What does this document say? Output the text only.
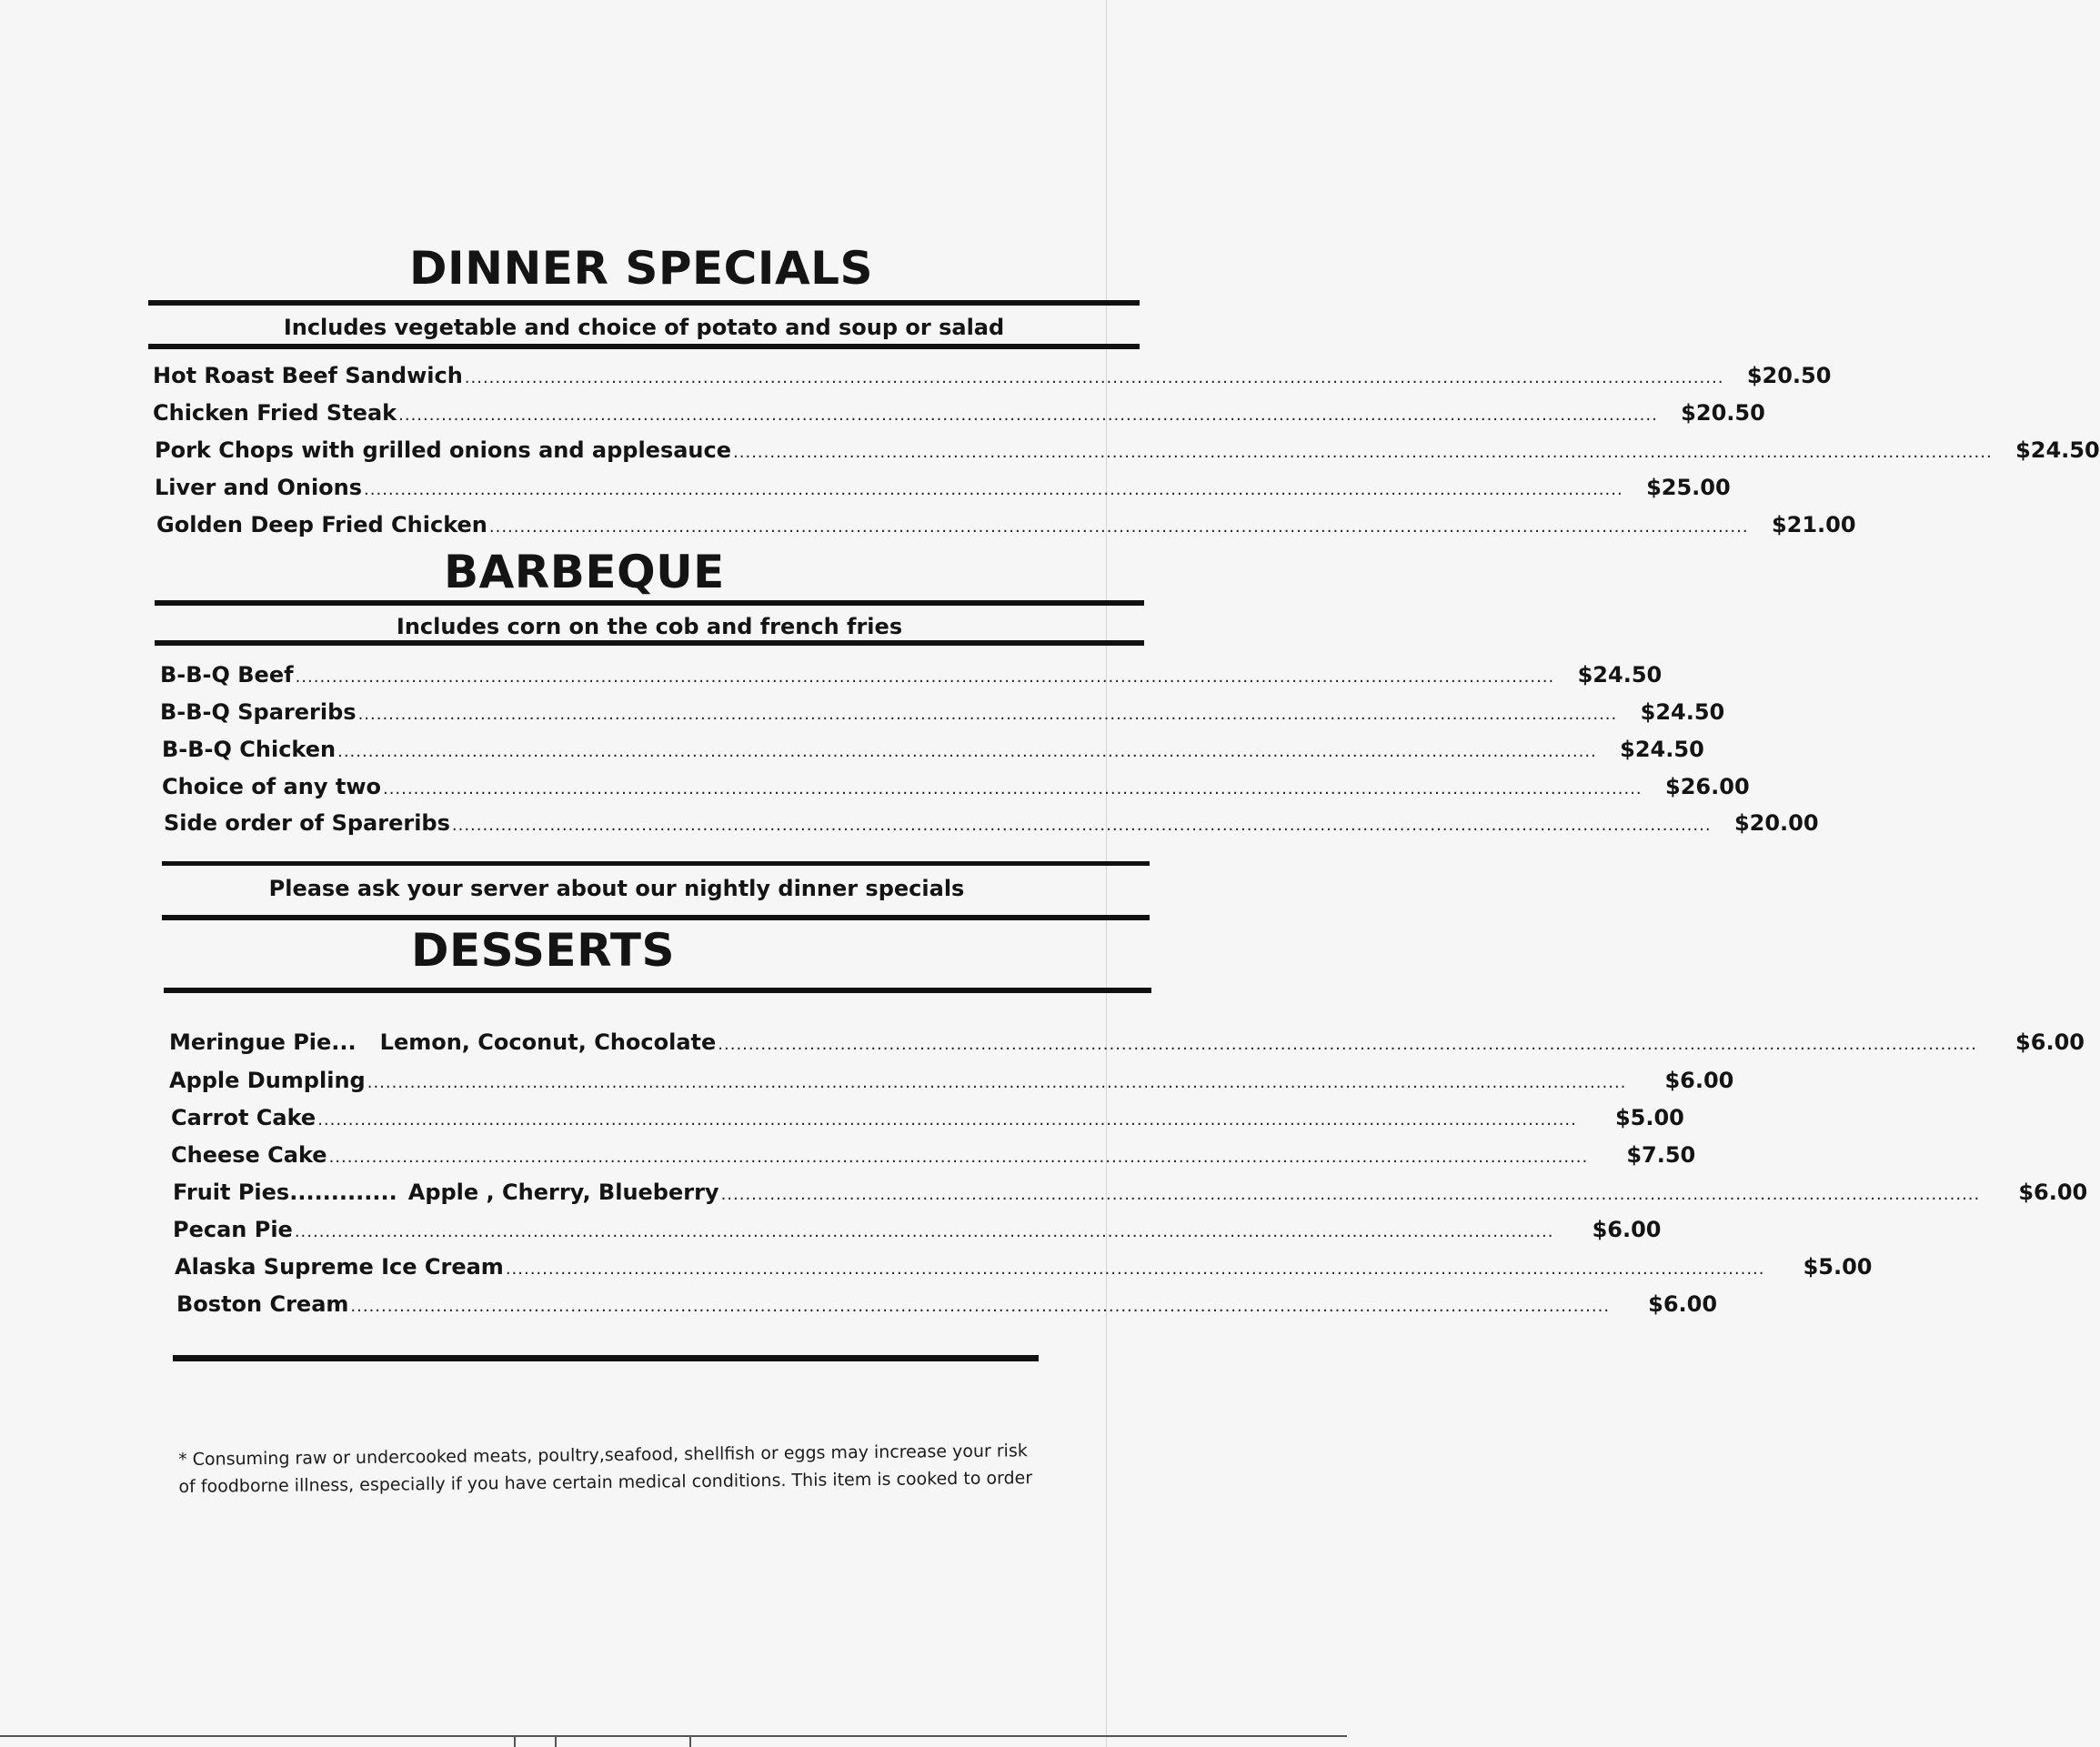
DINNER SPECIALS
Includes vegetable and choice of potato and soup or salad
Hot Roast Beef Sandwich ..............................................................................................................................................................................................................	$20.50
Chicken Fried Steak ..............................................................................................................................................................................................................	$20.50
Pork Chops with grilled onions and applesauce ..............................................................................................................................................................................................................	$24.50
Liver and Onions ..............................................................................................................................................................................................................	$25.00
Golden Deep Fried Chicken ..............................................................................................................................................................................................................	$21.00
BARBEQUE
Includes corn on the cob and french fries
B-B-Q Beef ..............................................................................................................................................................................................................	$24.50
B-B-Q Spareribs ..............................................................................................................................................................................................................	$24.50
B-B-Q Chicken ..............................................................................................................................................................................................................	$24.50
Choice of any two ..............................................................................................................................................................................................................	$26.00
Side order of Spareribs ..............................................................................................................................................................................................................	$20.00
Please ask your server about our nightly dinner specials
DESSERTS
Meringue Pie... Lemon, Coconut, Chocolate ..............................................................................................................................................................................................................	$6.00
Apple Dumpling ..............................................................................................................................................................................................................	$6.00
Carrot Cake ..............................................................................................................................................................................................................	$5.00
Cheese Cake ..............................................................................................................................................................................................................	$7.50
Fruit Pies............. Apple , Cherry, Blueberry ..............................................................................................................................................................................................................	$6.00
Pecan Pie ..............................................................................................................................................................................................................	$6.00
Alaska Supreme Ice Cream ..............................................................................................................................................................................................................	$5.00
Boston Cream ..............................................................................................................................................................................................................	$6.00
* Consuming raw or undercooked meats, poultry,seafood, shellfish or eggs may increase your risk
of foodborne illness, especially if you have certain medical conditions. This item is cooked to order
